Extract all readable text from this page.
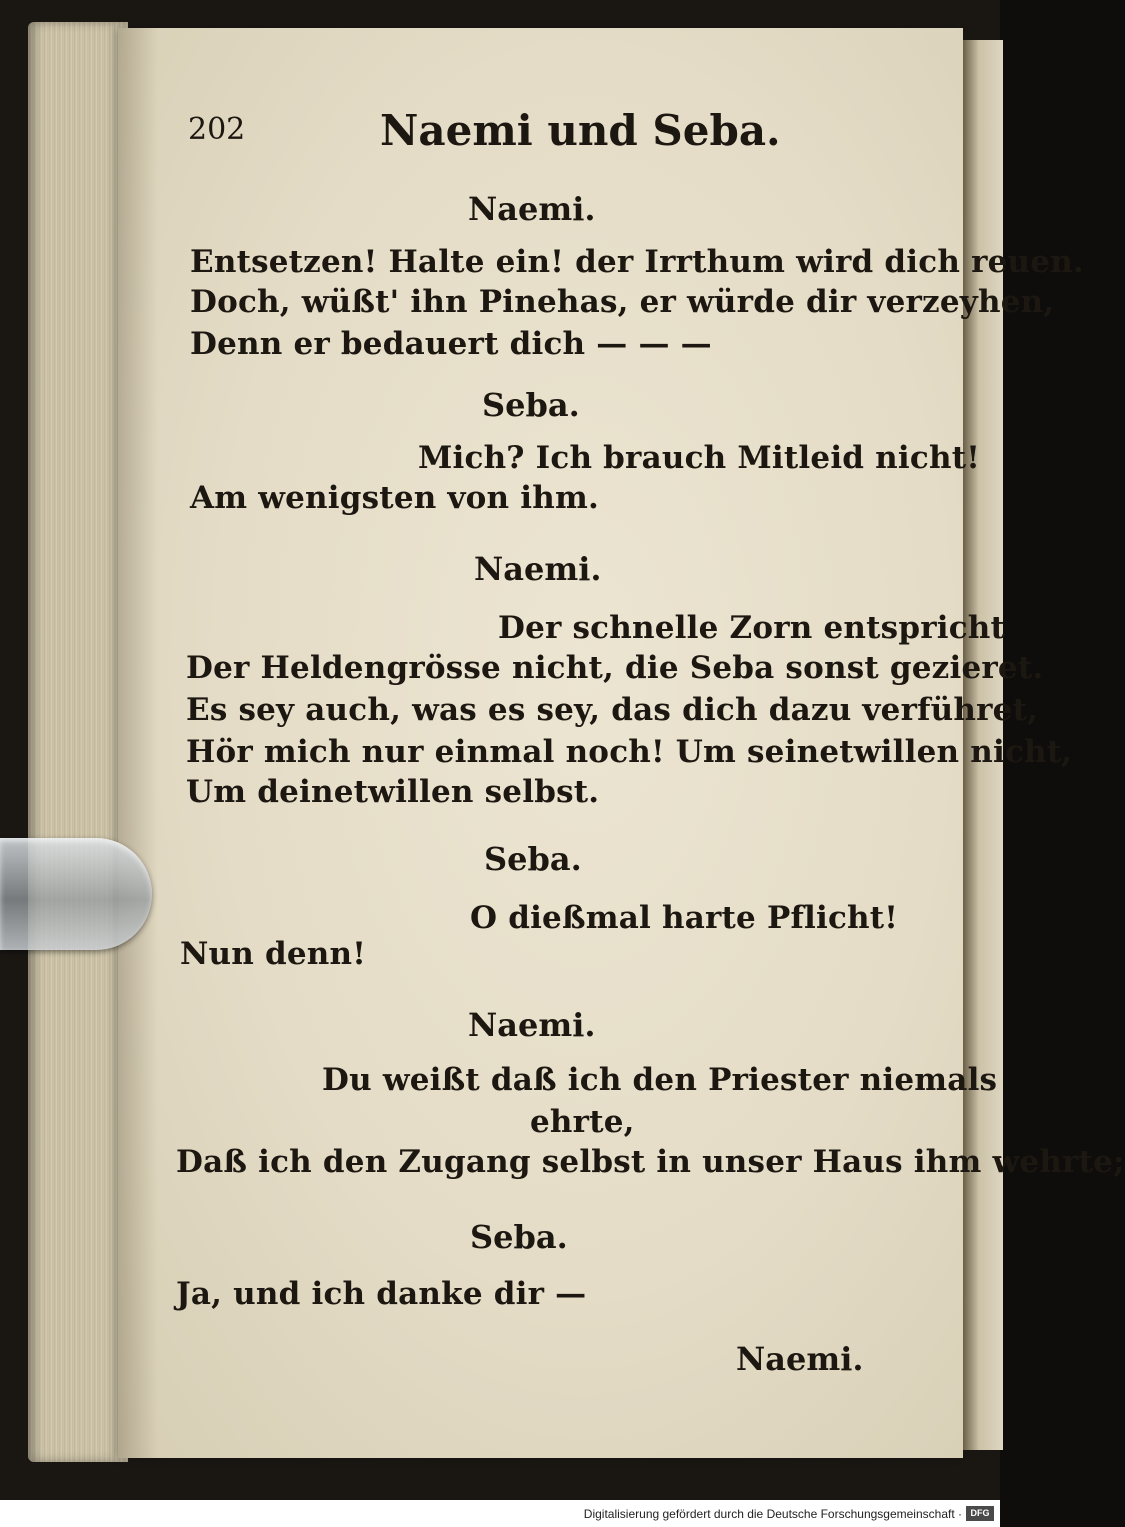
202	Naemi und Seba.
Naemi.
Entsetzen! Halte ein! der Irrthum wird dich reuen.
Doch, wüßt' ihn Pinehas, er würde dir verzeyhen,
Denn er bedauert dich — — —
Seba.
Mich? Ich brauch Mitleid nicht!
Am wenigsten von ihm.
Naemi.
Der schnelle Zorn entspricht
Der Heldengrösse nicht, die Seba sonst gezieret.
Es sey auch, was es sey, das dich dazu verführet,
Hör mich nur einmal noch! Um seinetwillen nicht,
Um deinetwillen selbst.
Seba.
O dießmal harte Pflicht!
Nun denn!
Naemi.
Du weißt daß ich den Priester niemals
ehrte,
Daß ich den Zugang selbst in unser Haus ihm wehrte;
Seba.
Ja, und ich danke dir —
Naemi.
Digitalisierung gefördert durch die Deutsche Forschungsgemeinschaft · DFG
